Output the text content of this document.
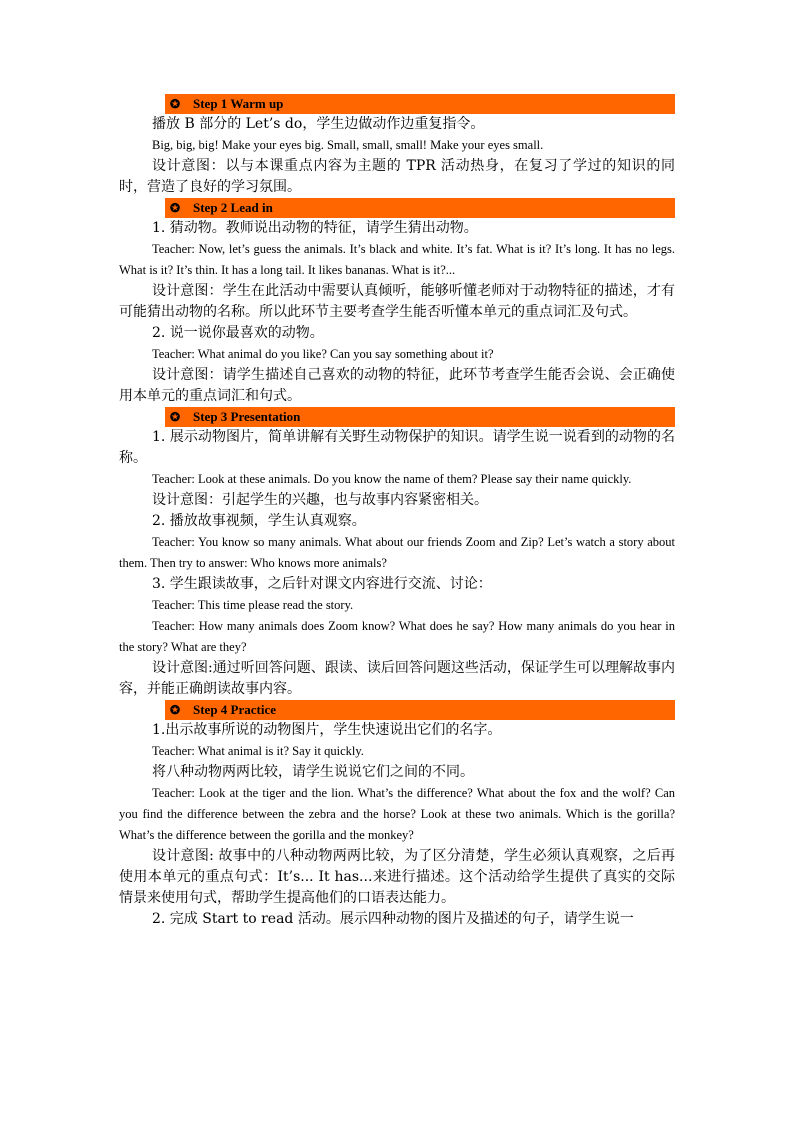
✪ Step 1 Warm up

播放 B 部分的 Let’s do，学生边做动作边重复指令。

Big, big, big! Make your eyes big. Small, small, small! Make your eyes small.

设计意图：以与本课重点内容为主题的 TPR 活动热身，在复习了学过的知识的同时，营造了良好的学习氛围。

✪ Step 2 Lead in

1. 猜动物。教师说出动物的特征，请学生猜出动物。

Teacher: Now, let’s guess the animals. It’s black and white. It’s fat. What is it? It’s long. It has no legs. What is it? It’s thin. It has a long tail. It likes bananas. What is it?...

设计意图：学生在此活动中需要认真倾听，能够听懂老师对于动物特征的描述，才有可能猜出动物的名称。所以此环节主要考查学生能否听懂本单元的重点词汇及句式。

2. 说一说你最喜欢的动物。

Teacher: What animal do you like? Can you say something about it?

设计意图：请学生描述自己喜欢的动物的特征，此环节考查学生能否会说、会正确使用本单元的重点词汇和句式。

✪ Step 3 Presentation

1. 展示动物图片，简单讲解有关野生动物保护的知识。请学生说一说看到的动物的名称。

Teacher: Look at these animals. Do you know the name of them? Please say their name quickly.

设计意图：引起学生的兴趣，也与故事内容紧密相关。

2. 播放故事视频，学生认真观察。

Teacher: You know so many animals. What about our friends Zoom and Zip? Let’s watch a story about them. Then try to answer: Who knows more animals?

3. 学生跟读故事，之后针对课文内容进行交流、讨论：

Teacher: This time please read the story.

Teacher: How many animals does Zoom know? What does he say? How many animals do you hear in the story? What are they?

设计意图:通过听回答问题、跟读、读后回答问题这些活动，保证学生可以理解故事内容，并能正确朗读故事内容。

✪ Step 4 Practice

1.出示故事所说的动物图片，学生快速说出它们的名字。

Teacher: What animal is it? Say it quickly.

将八种动物两两比较，请学生说说它们之间的不同。

Teacher: Look at the tiger and the lion. What’s the difference? What about the fox and the wolf? Can you find the difference between the zebra and the horse? Look at these two animals. Which is the gorilla? What’s the difference between the gorilla and the monkey?

设计意图: 故事中的八种动物两两比较，为了区分清楚，学生必须认真观察，之后再使用本单元的重点句式：It’s... It has...来进行描述。这个活动给学生提供了真实的交际情景来使用句式，帮助学生提高他们的口语表达能力。

2. 完成 Start to read 活动。展示四种动物的图片及描述的句子，请学生说一
